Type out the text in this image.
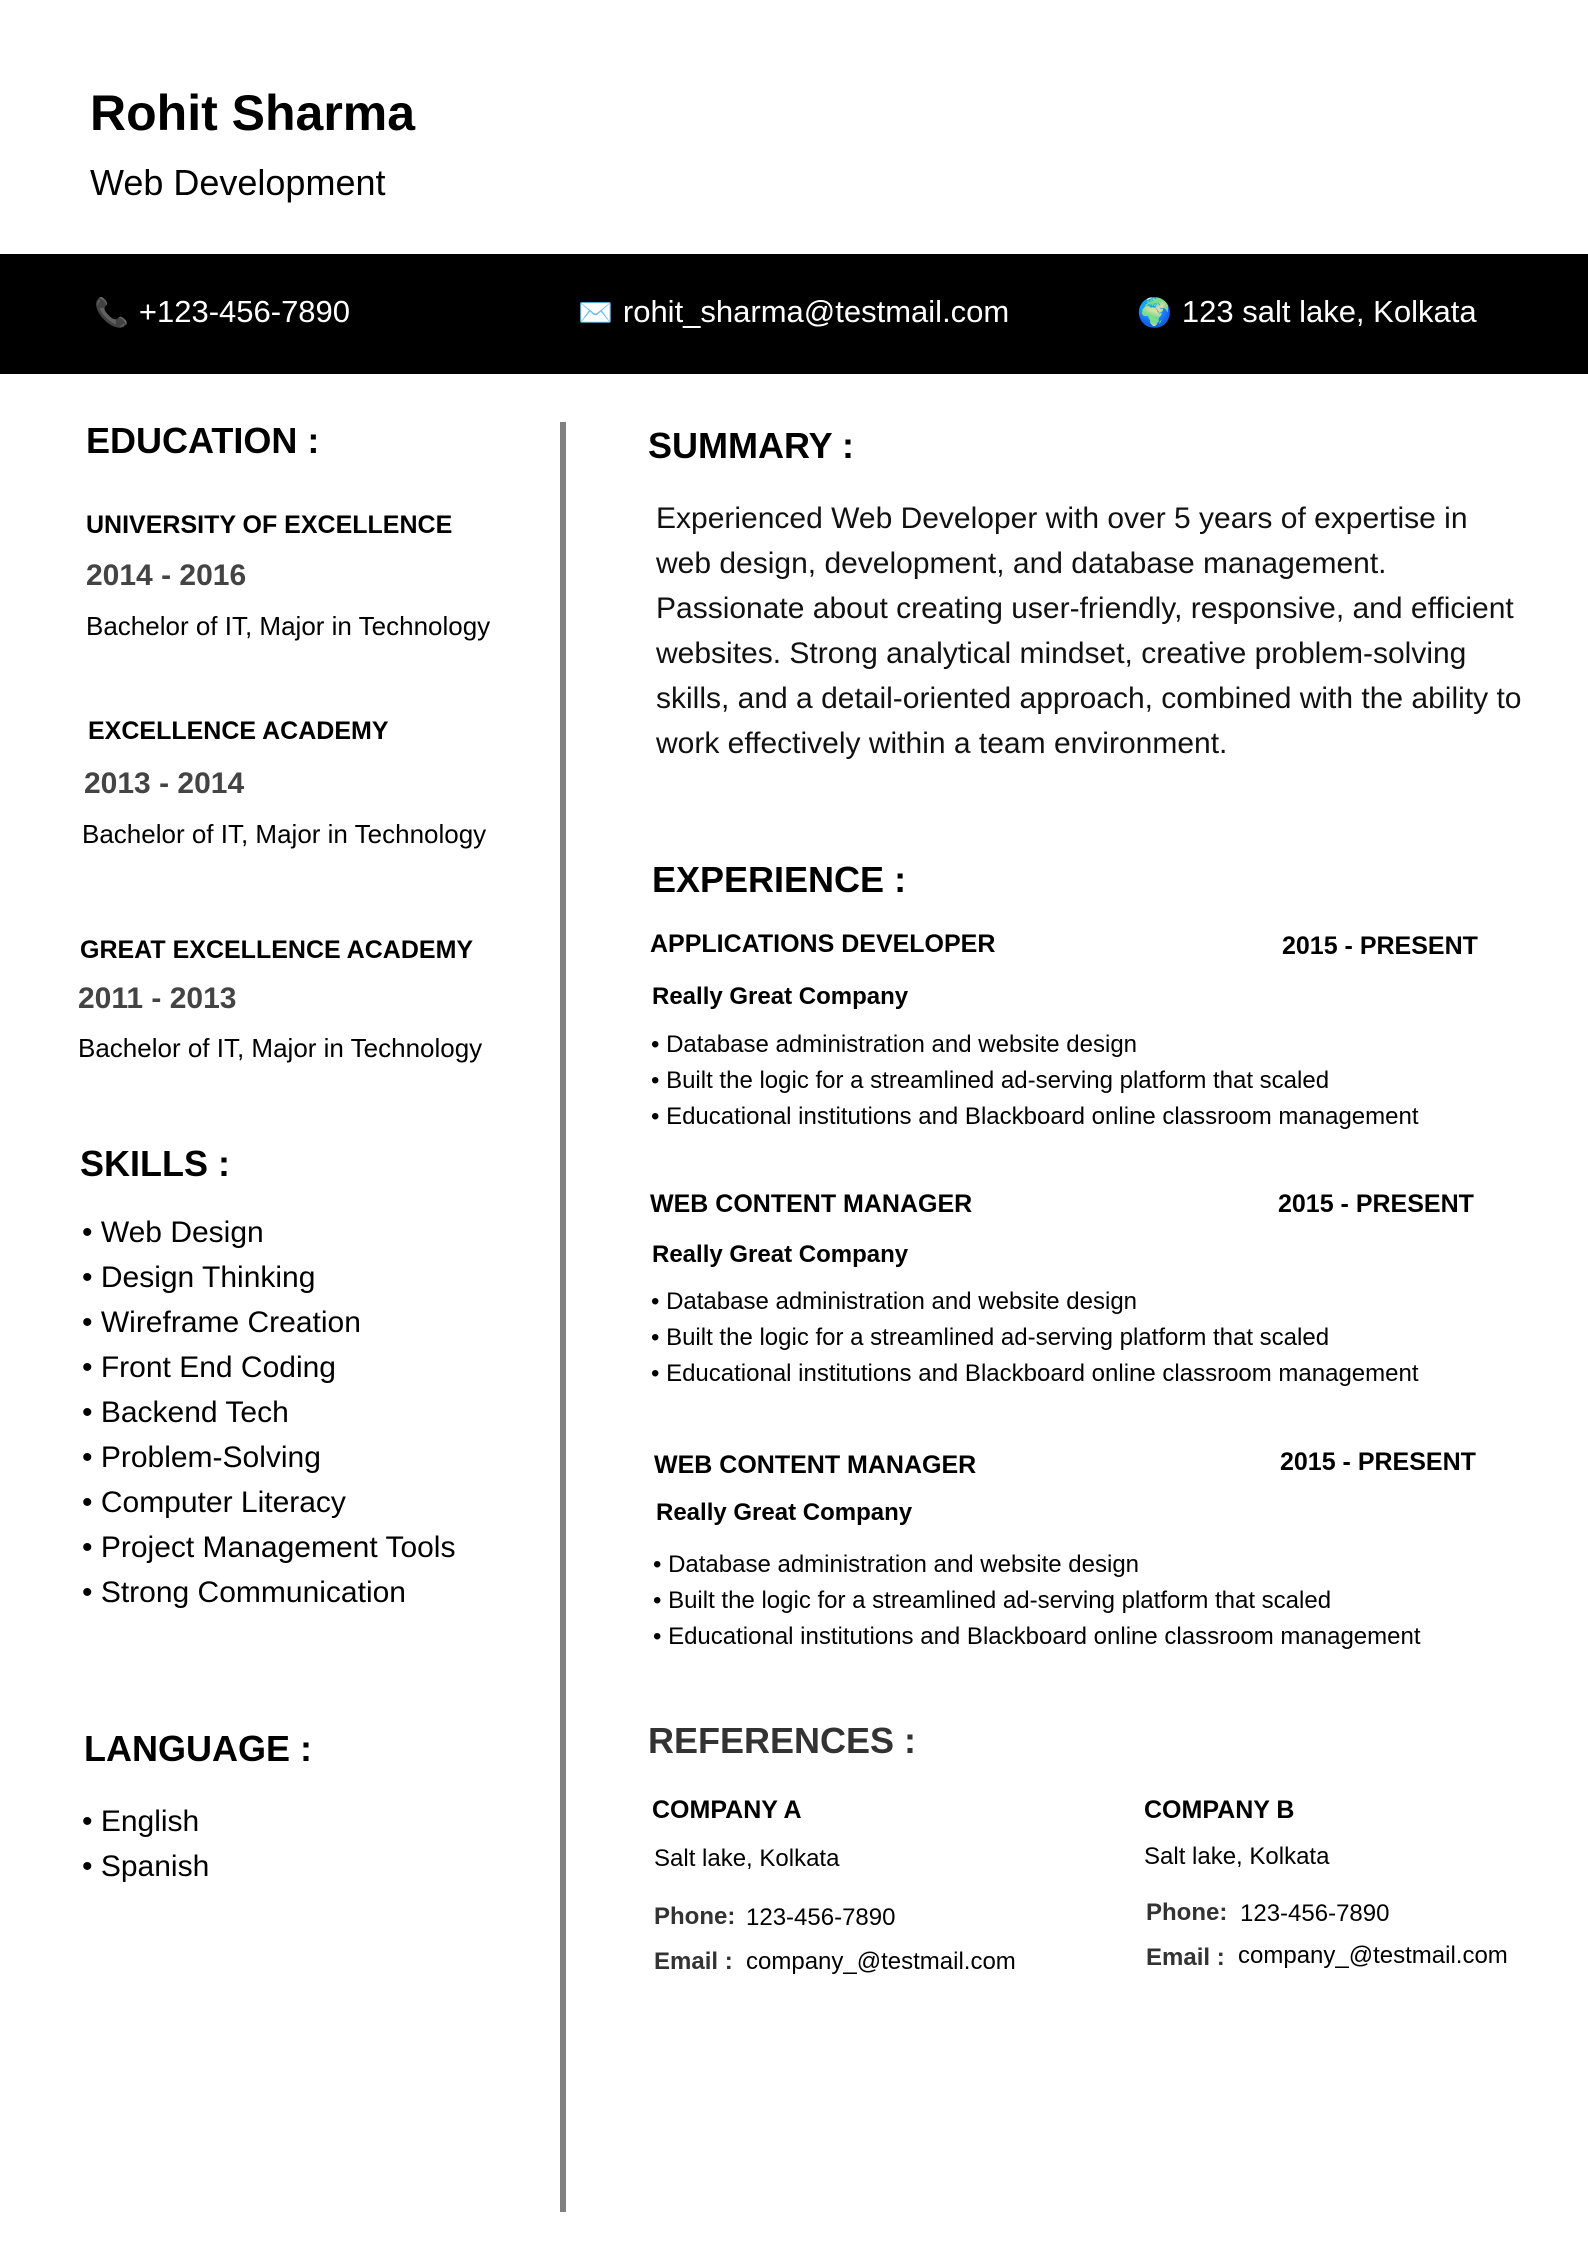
Rohit Sharma
Web Development
📞 +123-456-7890	✉️ rohit_sharma@testmail.com	🌍 123 salt lake, Kolkata
EDUCATION :
UNIVERSITY OF EXCELLENCE
2014 - 2016
Bachelor of IT, Major in Technology
EXCELLENCE ACADEMY
2013 - 2014
Bachelor of IT, Major in Technology
GREAT EXCELLENCE ACADEMY
2011 - 2013
Bachelor of IT, Major in Technology
SKILLS :
• Web Design
• Design Thinking
• Wireframe Creation
• Front End Coding
• Backend Tech
• Problem-Solving
• Computer Literacy
• Project Management Tools
• Strong Communication
LANGUAGE :
• English
• Spanish
SUMMARY :
Experienced Web Developer with over 5 years of expertise in web design, development, and database management. Passionate about creating user-friendly, responsive, and efficient websites. Strong analytical mindset, creative problem-solving skills, and a detail-oriented approach, combined with the ability to work effectively within a team environment.
EXPERIENCE :
APPLICATIONS DEVELOPER	2015 - PRESENT
Really Great Company
• Database administration and website design
• Built the logic for a streamlined ad-serving platform that scaled
• Educational institutions and Blackboard online classroom management
WEB CONTENT MANAGER	2015 - PRESENT
Really Great Company
• Database administration and website design
• Built the logic for a streamlined ad-serving platform that scaled
• Educational institutions and Blackboard online classroom management
WEB CONTENT MANAGER	2015 - PRESENT
Really Great Company
• Database administration and website design
• Built the logic for a streamlined ad-serving platform that scaled
• Educational institutions and Blackboard online classroom management
REFERENCES :
COMPANY A
Salt lake, Kolkata
Phone: 123-456-7890
Email : company_@testmail.com
COMPANY B
Salt lake, Kolkata
Phone: 123-456-7890
Email : company_@testmail.com
